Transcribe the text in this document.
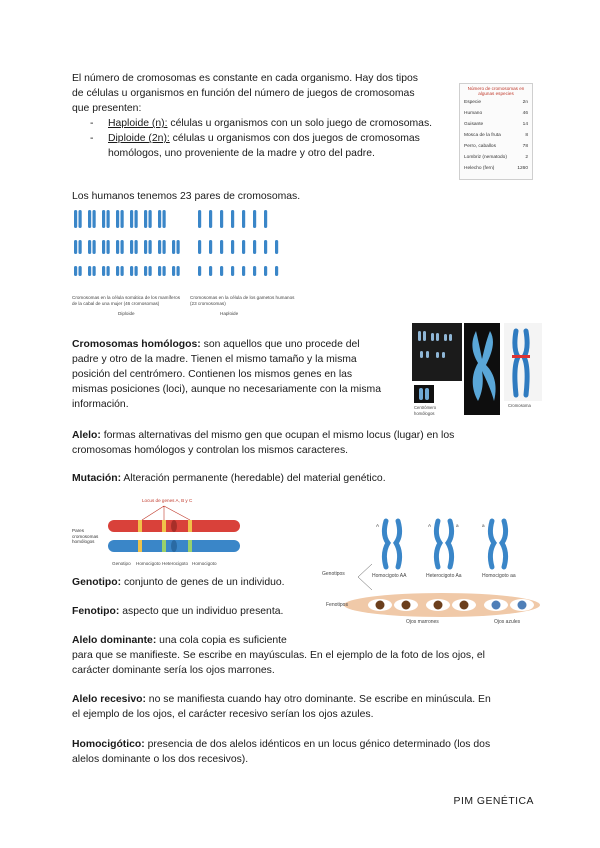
El número de cromosomas es constante en cada organismo. Hay dos tipos

de células u organismos en función del número de juegos de cromosomas

que presenten:

- Haploide (n): células u organismos con un solo juego de cromosomas.
- Diploide (2n): células u organismos con dos juegos de cromosomas homólogos, uno proveniente de la madre y otro del padre.
Número de cromosomas en algunas especies
Especie	2n
Humano	46
Guisante	14
Mosca de la fruta	8
Perro, caballos	78
Lombriz (nematodo)	2
Helecho (fern)	1260

Los humanos tenemos 23 pares de cromosomas.

Cromosomas en la célula somática de los mamíferos de la cabal de una mujer (46 cromosomas)
Cromosomas en la célula de los gametos humanos (23 cromosomas)
Diploide	Haploide

Cromosomas homólogos: son aquellos que uno procede del

padre y otro de la madre. Tienen el mismo tamaño y la misma

posición del centrómero. Contienen los mismos genes en las

mismas posiciones (loci), aunque no necesariamente con la misma

información.	Centrómero homólogos
Cromosoma

Alelo: formas alternativas del mismo gen que ocupan el mismo locus (lugar) en los

cromosomas homólogos y controlan los mismos caracteres.

Mutación: Alteración permanente (heredable) del material genético.

Locus de genes A, B y C
Pares cromosomas homólogos
Genotipo Homocigoto Heterocigoto Homocigoto
A	A	a	a
Genotipos
Fenotipos
Homocigoto AA	Heterocigoto Aa	Homocigoto aa
Ojos marrones	Ojos azules

Genotipo: conjunto de genes de un individuo.

Fenotipo: aspecto que un individuo presenta.

Alelo dominante: una cola copia es suficiente

para que se manifieste. Se escribe en mayúsculas. En el ejemplo de la foto de los ojos, el

carácter dominante sería los ojos marrones.

Alelo recesivo: no se manifiesta cuando hay otro dominante. Se escribe en minúscula. En

el ejemplo de los ojos, el carácter recesivo serían los ojos azules.

Homocigótico: presencia de dos alelos idénticos en un locus génico determinado (los dos

alelos dominante o los dos recesivos).

PIM GENÉTICA
